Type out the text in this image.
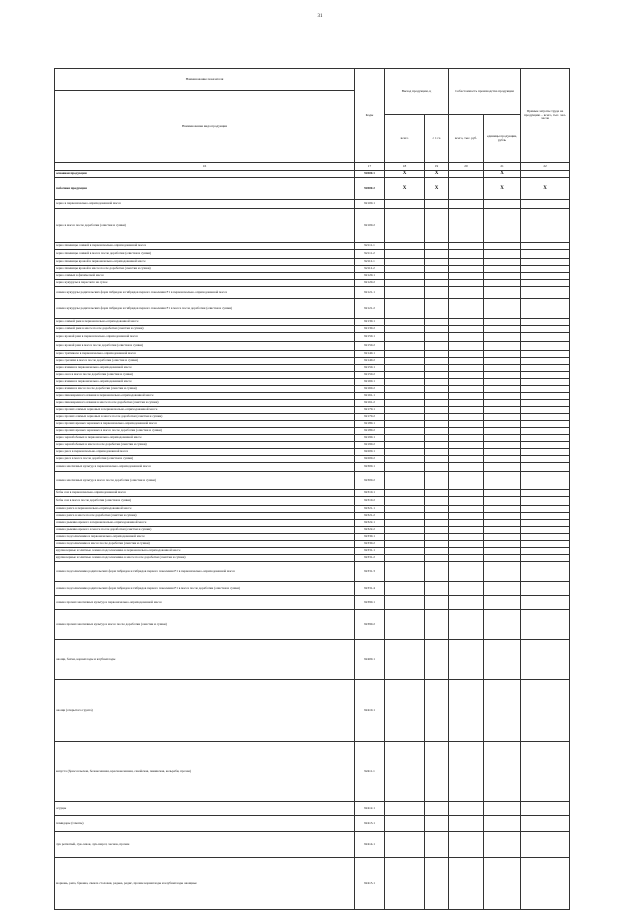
31
Наименование показателя	Коды	Выход продукции, ц		Себестоимость производства продукции		Прямые затраты труда на продукцию – всего, тыс. чел-часов
Наименование вида продукции						
		всего	с 1 га	всего, тыс. руб.	единицы продукции, рубль	
16	17	18	19	20	21	22
основная продукция	92000.1	X	X		X	
побочная продукция	92000.2	X	X		X	X
зерно в первоначально-оприходованной массе	92100.1					
зерно в массе после доработки (очистки и сушки)	92100.2					
зерно пшеницы озимой в первоначально-оприходованной массе	92111.1					
зерно пшеницы озимой в массе после доработки (очистки и сушки)	92111.2					
зерно пшеницы яровой в первоначально-оприходованной массе	92112.1					
зерно пшеницы яровой в массе после доработки (очистки и сушки)	92112.2					
зерно озимых в физической массе	92120.1					
зерно кукурузы в пересчете на сухое	92120.2					
семена кукурузы родительских форм гибридов и гибридов первого поколения F1 в первоначально-оприходованной массе	92121.1					
семена кукурузы родительских форм гибридов и гибридов первого поколения F1 в массе после доработки (очистки и сушки)	92121.2					
зерно озимой ржи в первоначально-оприходованной массе	92130.1					
зерно озимой ржи в массе после доработки (очистки и сушки)	92130.2					
зерно яровой ржи в первоначально-оприходованной массе	92150.1					
зерно яровой ржи в массе после доработки (очистки и сушки)	92150.2					
зерно тритикале в первоначально-оприходованной массе	92140.1					
зерно гречихи в массе после доработки (очистки и сушки)	92140.2					
зерно ячменя в первоначально-оприходованной массе	92150.1					
зерно овса в массе после доработки (очистки и сушки)	92150.2					
зерно ячменя в первоначально-оприходованной массе	92160.1					
зерно ячменя в массе после доработки (очистки и сушки)	92160.2					
зерно пивоваренного ячменя в первоначально-оприходованной массе	92161.1					
зерно пивоваренного ячменя в массе после доработки (очистки и сушки)	92161.2					
зерно прочих озимых зерновых в первоначально-оприходованной массе	92170.1					
зерно прочих озимых зерновых в массе после доработки (очистки и сушки)	92170.2					
зерно прочих яровых зерновых в первоначально-оприходованной массе	92180.1					
зерно прочих яровых зерновых в массе после доработки (очистки и сушки)	92180.2					
зерно зернобобовых в первоначально-оприходованной массе	92190.1					
зерно зернобобовых в массе после доработки (очистки и сушки)	92190.2					
зерно риса в первоначально-оприходованной массе	92200.1					
зерно риса в массе после доработки (очистки и сушки)	92200.2					
семена масличных культур в первоначально-оприходованной массе	92300.1					
семена масличных культур в массе после доработки (очистки и сушки)	92300.2					
бобы сои в первоначально-оприходованной массе	92310.1					
бобы сои в массе после доработки (очистки и сушки)	92310.2					
семена рапса в первоначально-оприходованной массе	92321.1					
семена рапса в массе после доработки (очистки и сушки)	92321.2					
семена рыжика ярового в первоначально-оприходованной массе	92322.1					
семена рыжика ярового в массе после доработки (очистки и сушки)	92322.2					
семена подсолнечника в первоначально-оприходованной массе	92330.1					
семена подсолнечника в массе после доработки (очистки и сушки)	92330.2					
крупнозерные и элитные семена подсолнечника в первоначально-оприходованной массе	92331.1					
крупнозерные и элитные семена подсолнечника в массе после доработки (очистки и сушки)	92331.2					
семена подсолнечника родительских форм гибридов и гибридов первого поколения F1 в первоначально-оприходованной массе	92331.3					
семена подсолнечника родительских форм гибридов и гибридов первого поколения F1 в массе после доработки (очистки и сушки)	92331.4					
семена прочих масличных культур в первоначально-оприходованной массе	92390.1					
семена прочих масличных культур в массе после доработки (очистки и сушки)	92390.2					
овощи, бахчи, корнеплоды и клубнеплоды	92400.1					
овощи (открытого грунта)	92410.1					
капуста (брюссельская, белокочанная, краснокочанная, савойская, пекинская, кольраби, прочая)	92411.1					
огурцы	92412.1					
помидоры (томаты)	92413.1					
лук репчатый, лук-севок, лук-шарот, чеснок, прочие	92414.1					
морковь, репа, брюква, свекла столовая, редька, редис, прочие корнеплоды и клубнеплоды овощные	92415.1					
